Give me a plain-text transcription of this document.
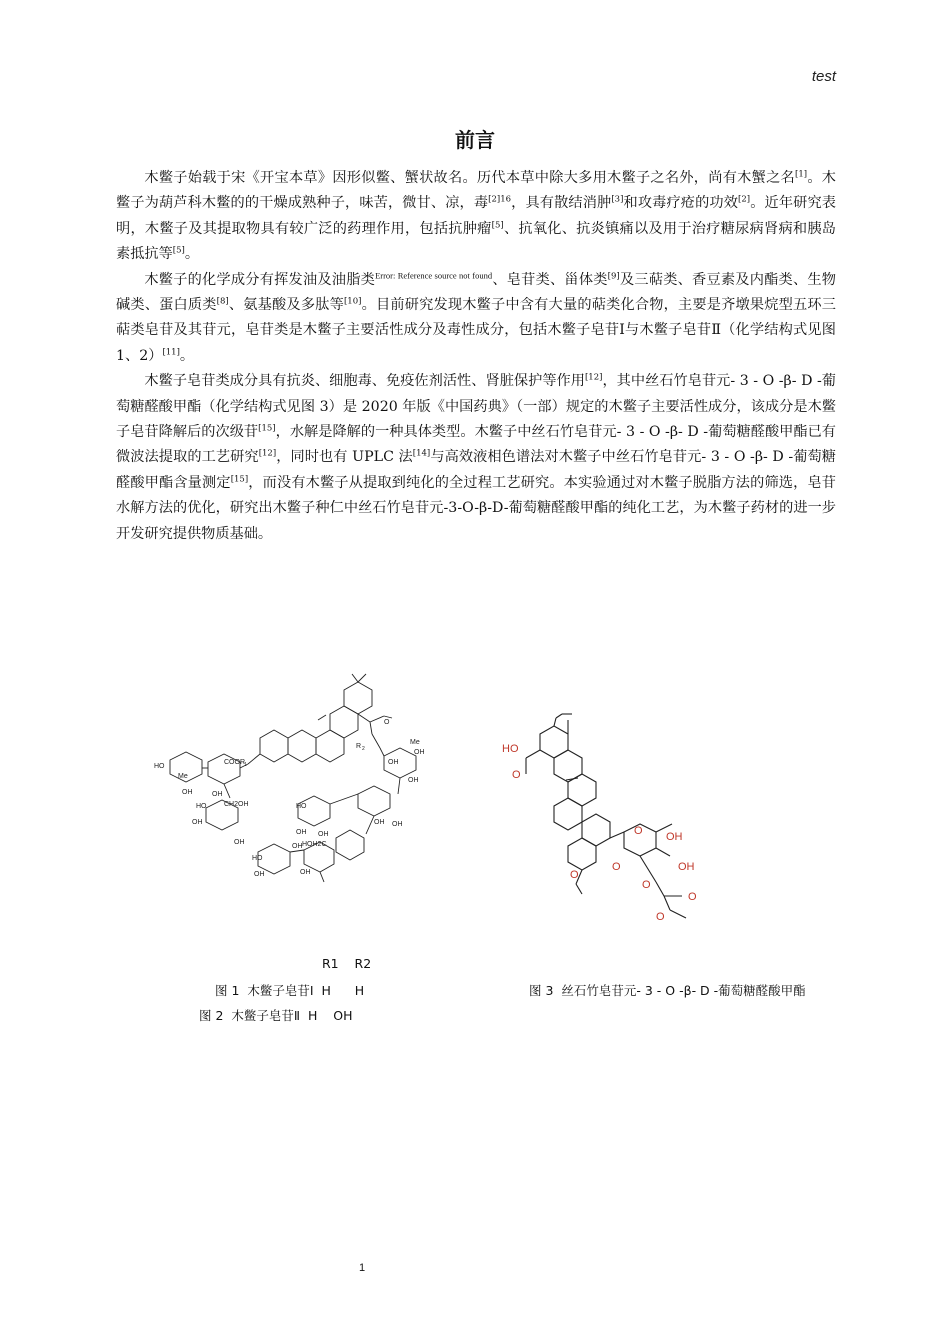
test
前言

木鳖子始载于宋《开宝本草》因形似鳖、蟹状故名。历代本草中除大多用木鳖子之名外，尚有木蟹之名[1]。木鳖子为葫芦科木鳖的的干燥成熟种子，味苦，微甘、凉，毒$^{[2]16}$，具有散结消肿[3]和攻毒疗疮的功效[2]。近年研究表明，木鳖子及其提取物具有较广泛的药理作用，包括抗肿瘤[5]、抗氧化、抗炎镇痛以及用于治疗糖尿病肾病和胰岛素抵抗等[5]。

木鳖子的化学成分有挥发油及油脂类$^{Error: Reference source not found}$、皂苷类、甾体类[9]及三萜类、香豆素及内酯类、生物碱类、蛋白质类[8]、氨基酸及多肽等[10]。目前研究发现木鳖子中含有大量的萜类化合物，主要是齐墩果烷型五环三萜类皂苷及其苷元，皂苷类是木鳖子主要活性成分及毒性成分，包括木鳖子皂苷Ⅰ与木鳖子皂苷Ⅱ（化学结构式见图 1、2）[11]。

木鳖子皂苷类成分具有抗炎、细胞毒、免疫佐剂活性、肾脏保护等作用[12]，其中丝石竹皂苷元- 3 - O -β- D -葡萄糖醛酸甲酯（化学结构式见图 3）是 2020 年版《中国药典》（一部）规定的木鳖子主要活性成分，该成分是木鳖子皂苷降解后的次级苷[15]，水解是降解的一种具体类型。木鳖子中丝石竹皂苷元- 3 - O -β- D -葡萄糖醛酸甲酯已有微波法提取的工艺研究[12]，同时也有 UPLC 法[14]与高效液相色谱法对木鳖子中丝石竹皂苷元- 3 - O -β- D -葡萄糖醛酸甲酯含量测定[15]，而没有木鳖子从提取到纯化的全过程工艺研究。本实验通过对木鳖子脱脂方法的筛选，皂苷水解方法的优化，研究出木鳖子种仁中丝石竹皂苷元-3-O-β-D-葡萄糖醛酸甲酯的纯化工艺，为木鳖子药材的进一步开发研究提供物质基础。

HO
Me
OH
COOR 1
OH
CH2OH
HO
OH
OH
O
R 2
Me
OH
OH
OH
OH OH
HO
OH OH
HOH2C
HO
OH
OH
OH
HO
O
O
O
O OH
OH
O
O
O
R1    R2
图 1  木鳖子皂苷Ⅰ  H      H
图 2  木鳖子皂苷Ⅱ  H    OH
图 3  丝石竹皂苷元- 3 - O -β- D -葡萄糖醛酸甲酯
1
